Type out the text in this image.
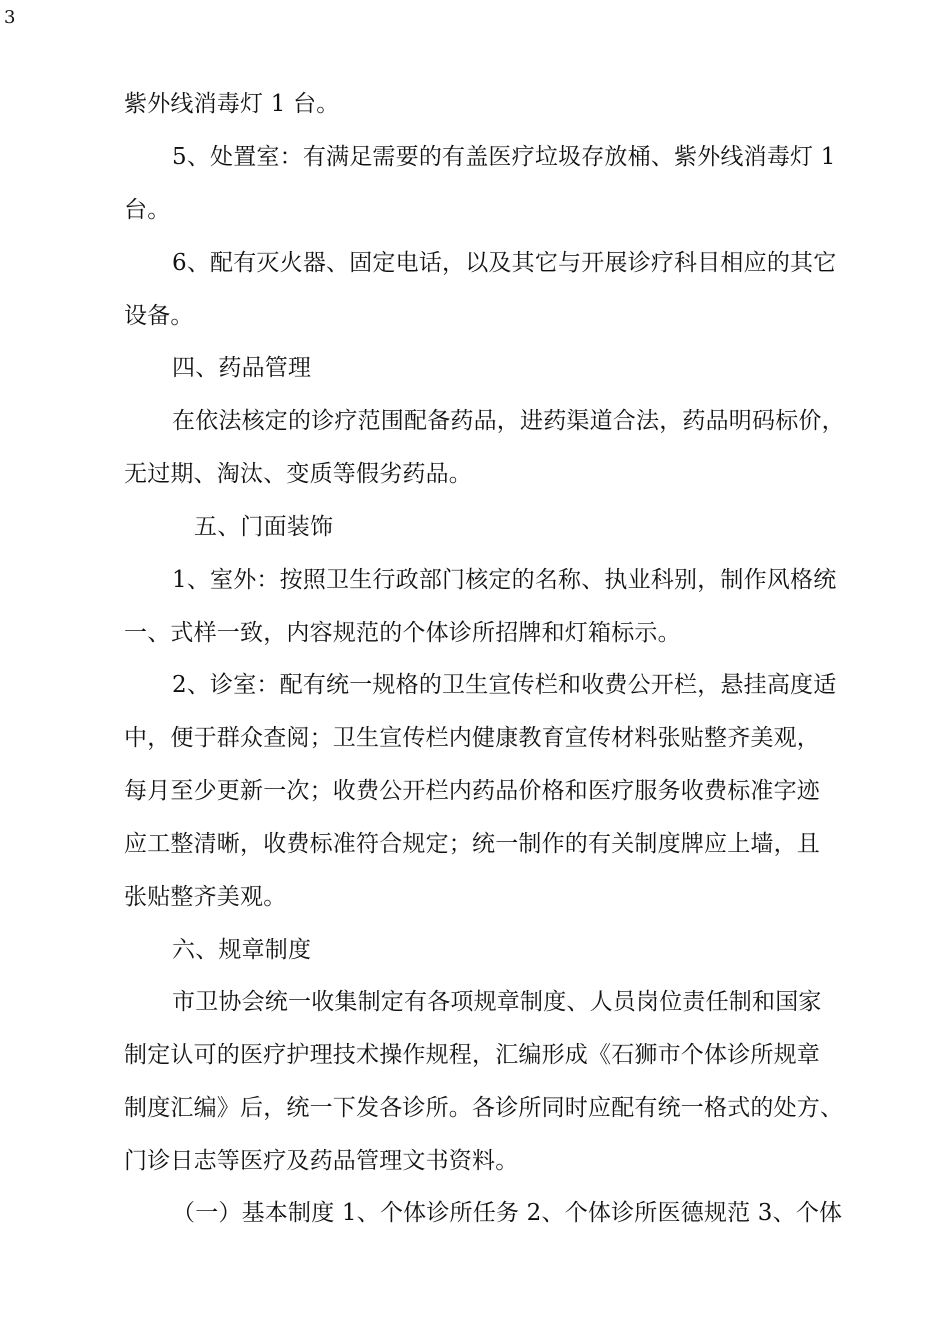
3
紫外线消毒灯 1 台。
5、处置室：有满足需要的有盖医疗垃圾存放桶、紫外线消毒灯 1
台。
6、配有灭火器、固定电话，以及其它与开展诊疗科目相应的其它
设备。
四、药品管理
在依法核定的诊疗范围配备药品，进药渠道合法，药品明码标价，
无过期、淘汰、变质等假劣药品。
五、门面装饰
1、室外：按照卫生行政部门核定的名称、执业科别，制作风格统
一、式样一致，内容规范的个体诊所招牌和灯箱标示。
2、诊室：配有统一规格的卫生宣传栏和收费公开栏，悬挂高度适
中，便于群众查阅；卫生宣传栏内健康教育宣传材料张贴整齐美观，
每月至少更新一次；收费公开栏内药品价格和医疗服务收费标准字迹
应工整清晰，收费标准符合规定；统一制作的有关制度牌应上墙，且
张贴整齐美观。
六、规章制度
市卫协会统一收集制定有各项规章制度、人员岗位责任制和国家
制定认可的医疗护理技术操作规程，汇编形成《石狮市个体诊所规章
制度汇编》后，统一下发各诊所。各诊所同时应配有统一格式的处方、
门诊日志等医疗及药品管理文书资料。
（一）基本制度 1、个体诊所任务 2、个体诊所医德规范 3、个体
